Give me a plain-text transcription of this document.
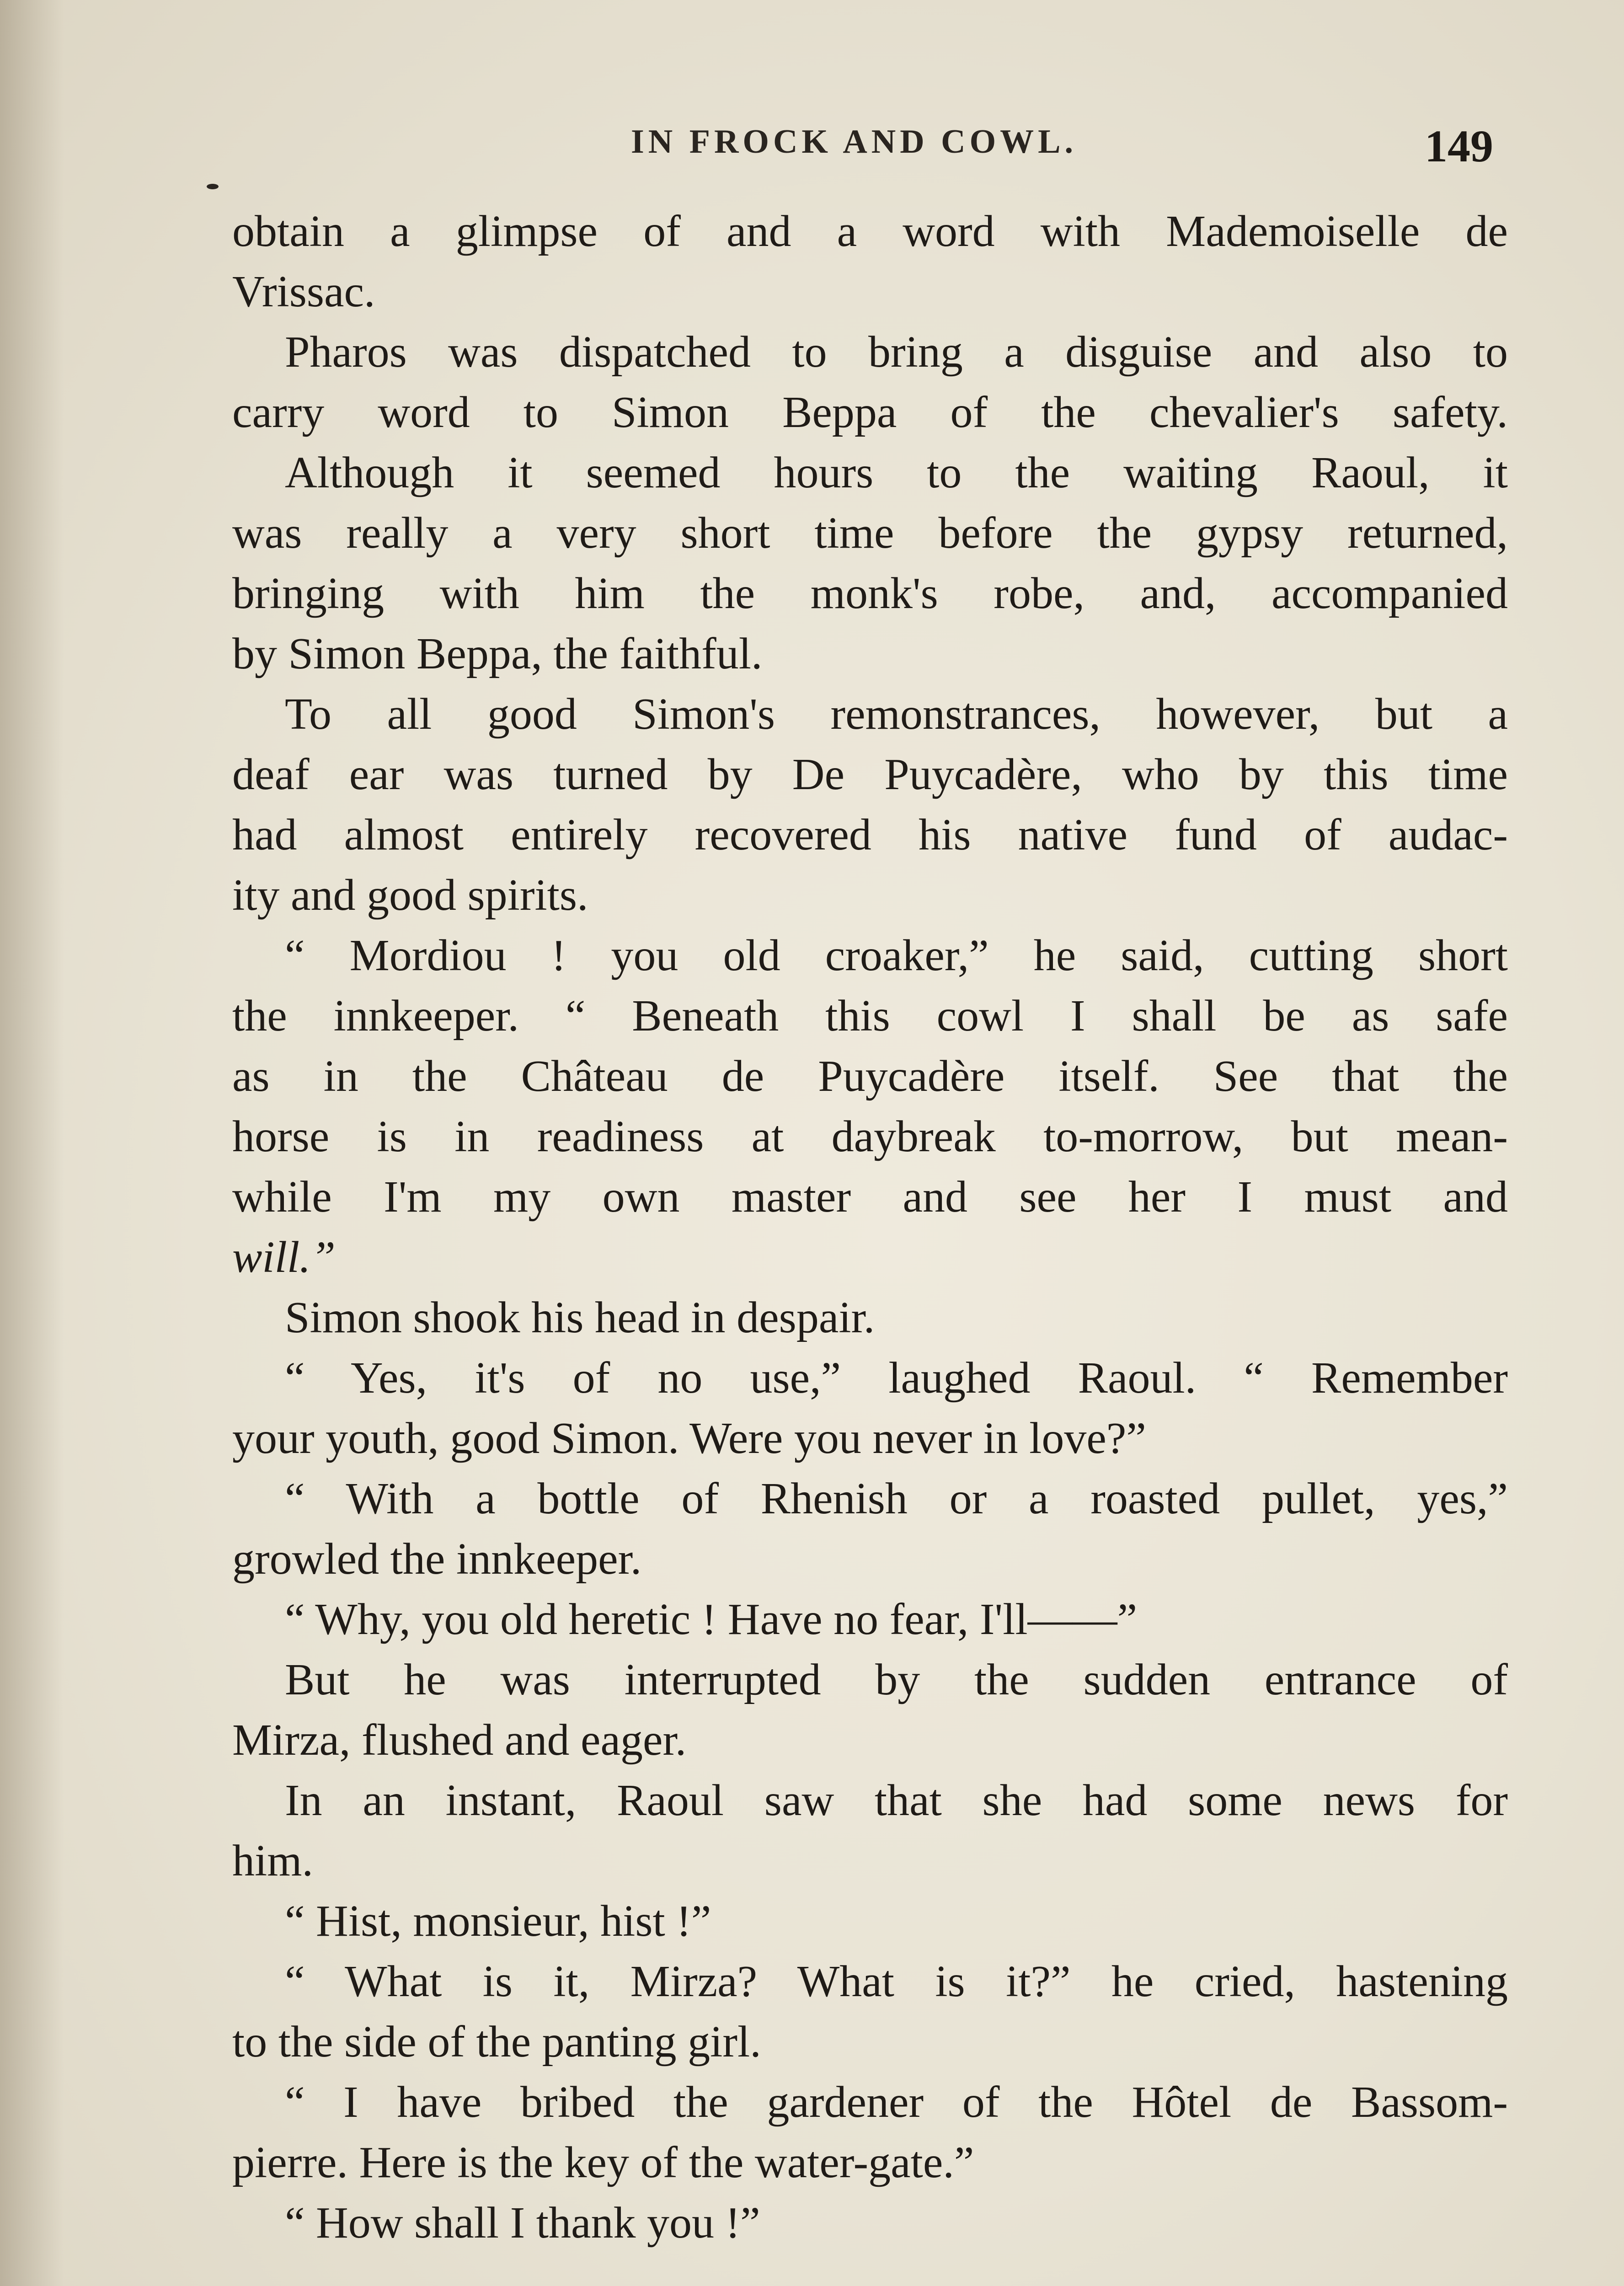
IN FROCK AND COWL.	149
obtain a glimpse of and a word with Mademoiselle de
Vrissac.
Pharos was dispatched to bring a disguise and also to
carry word to Simon Beppa of the chevalier's safety.
Although it seemed hours to the waiting Raoul, it
was really a very short time before the gypsy returned,
bringing with him the monk's robe, and, accompanied
by Simon Beppa, the faithful.
To all good Simon's remonstrances, however, but a
deaf ear was turned by De Puycadère, who by this time
had almost entirely recovered his native fund of audac-
ity and good spirits.
“ Mordiou ! you old croaker,” he said, cutting short
the innkeeper. “ Beneath this cowl I shall be as safe
as in the Château de Puycadère itself. See that the
horse is in readiness at daybreak to-morrow, but mean-
while I'm my own master and see her I must and
will.”
Simon shook his head in despair.
“ Yes, it's of no use,” laughed Raoul. “ Remember
your youth, good Simon. Were you never in love?”
“ With a bottle of Rhenish or a roasted pullet, yes,”
growled the innkeeper.
“ Why, you old heretic ! Have no fear, I'll——”
But he was interrupted by the sudden entrance of
Mirza, flushed and eager.
In an instant, Raoul saw that she had some news for
him.
“ Hist, monsieur, hist !”
“ What is it, Mirza? What is it?” he cried, hastening
to the side of the panting girl.
“ I have bribed the gardener of the Hôtel de Bassom-
pierre. Here is the key of the water-gate.”
“ How shall I thank you !”
